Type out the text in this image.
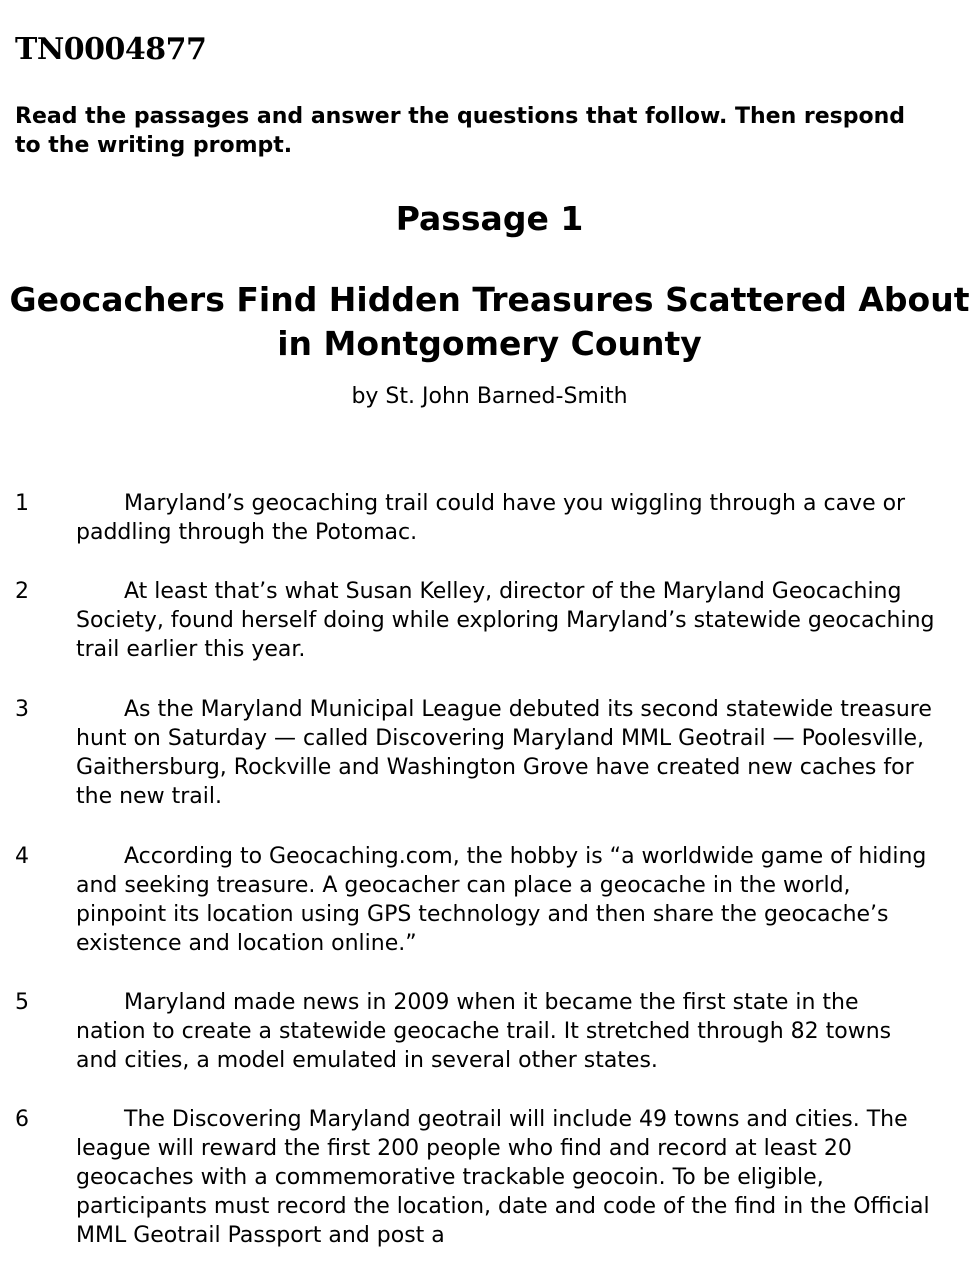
TN0004877
Read the passages and answer the questions that follow. Then respond to the writing prompt.
Passage 1
Geocachers Find Hidden Treasures Scattered About in Montgomery County
by St. John Barned-Smith
1	Maryland’s geocaching trail could have you wiggling through a cave or paddling through the Potomac.
2	At least that’s what Susan Kelley, director of the Maryland Geocaching Society, found herself doing while exploring Maryland’s statewide geocaching trail earlier this year.
3	As the Maryland Municipal League debuted its second statewide treasure hunt on Saturday — called Discovering Maryland MML Geotrail — Poolesville, Gaithersburg, Rockville and Washington Grove have created new caches for the new trail.
4	According to Geocaching.com, the hobby is “a worldwide game of hiding and seeking treasure. A geocacher can place a geocache in the world, pinpoint its location using GPS technology and then share the geocache’s existence and location online.”
5	Maryland made news in 2009 when it became the first state in the nation to create a statewide geocache trail. It stretched through 82 towns and cities, a model emulated in several other states.
6	The Discovering Maryland geotrail will include 49 towns and cities. The league will reward the first 200 people who find and record at least 20 geocaches with a commemorative trackable geocoin. To be eligible, participants must record the location, date and code of the find in the Official MML Geotrail Passport and post a
